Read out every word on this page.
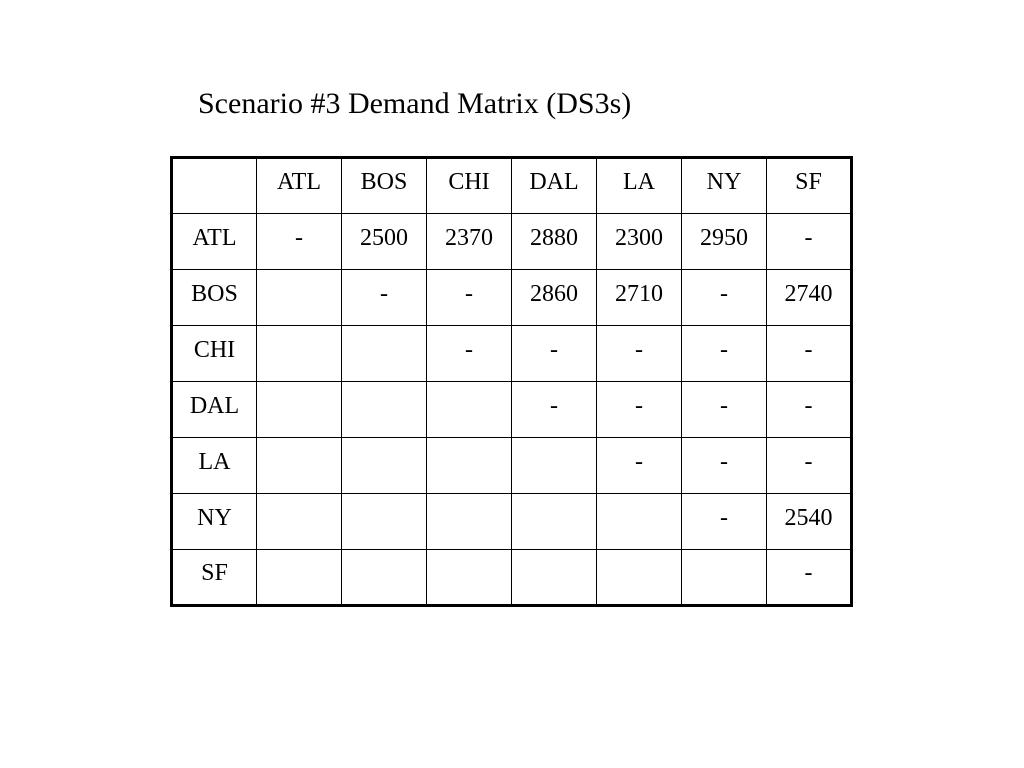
Scenario #3 Demand Matrix (DS3s)
	ATL	BOS	CHI	DAL	LA	NY	SF
ATL	-	2500	2370	2880	2300	2950	-
BOS		-	-	2860	2710	-	2740
CHI			-	-	-	-	-
DAL				-	-	-	-
LA					-	-	-
NY						-	2540
SF							-
